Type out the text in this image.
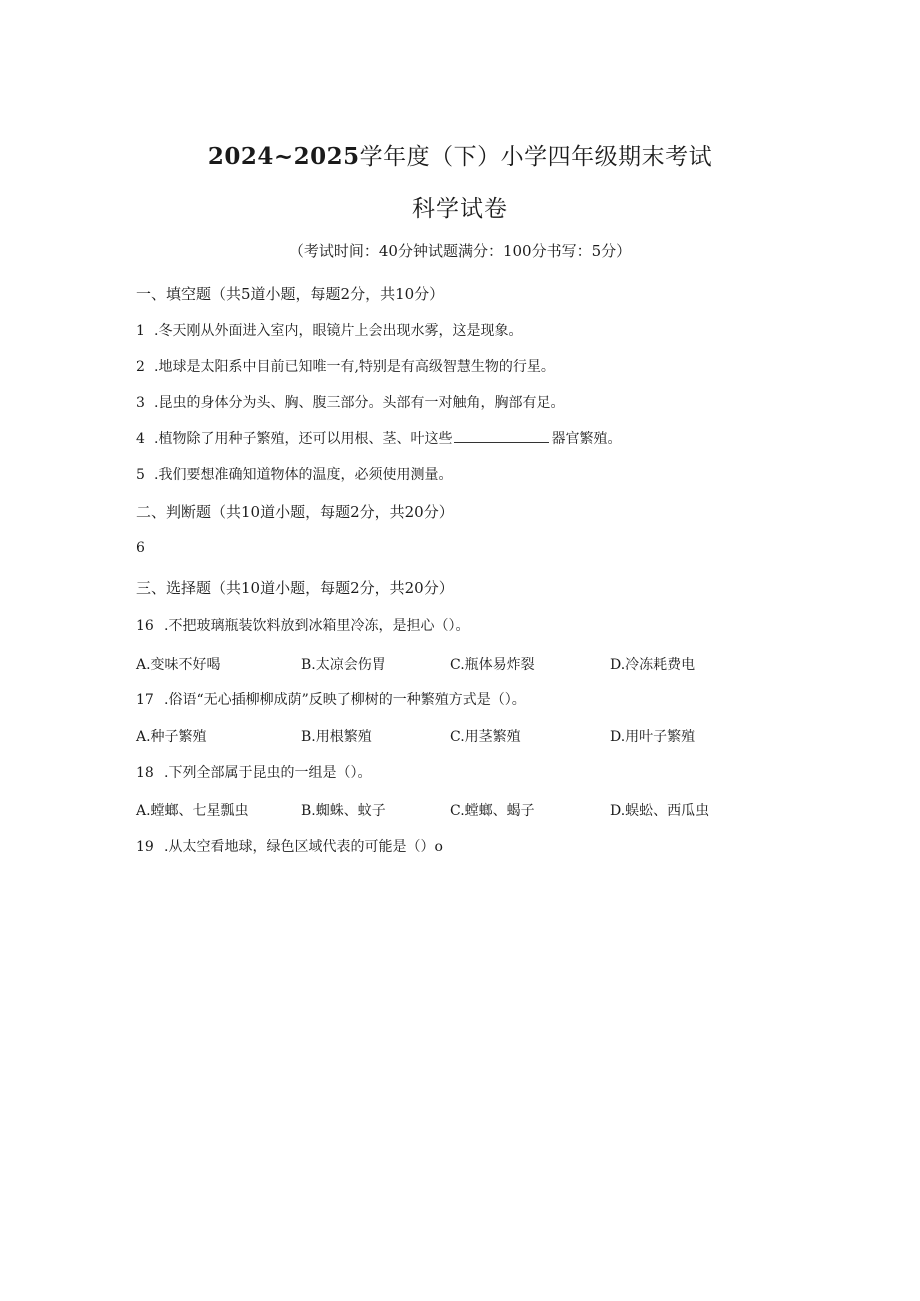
2024~2025学年度（下）小学四年级期末考试
科学试卷
（考试时间：40分钟试题满分：100分书写：5分）
一、填空题（共5道小题，每题2分，共10分）
1 .冬天刚从外面进入室内，眼镜片上会出现水雾，这是现象。
2 .地球是太阳系中目前已知唯一有,特别是有高级智慧生物的行星。
3 .昆虫的身体分为头、胸、腹三部分。头部有一对触角，胸部有足。
4 .植物除了用种子繁殖，还可以用根、茎、叶这些	器官繁殖。
5 .我们要想准确知道物体的温度，必须使用测量。
二、判断题（共10道小题，每题2分，共20分）
6
三、选择题（共10道小题，每题2分，共20分）
16 .不把玻璃瓶装饮料放到冰箱里冷冻，是担心（）。
A.变味不好喝	B.太凉会伤胃	C.瓶体易炸裂	D.冷冻耗费电
17 .俗语“无心插柳柳成荫”反映了柳树的一种繁殖方式是（）。
A.种子繁殖	B.用根繁殖	C.用茎繁殖	D.用叶子繁殖
18 .下列全部属于昆虫的一组是（）。
A.螳螂、七星瓢虫	B.蜘蛛、蚊子	C.螳螂、蝎子	D.蜈蚣、西瓜虫
19 .从太空看地球，绿色区域代表的可能是（）o
